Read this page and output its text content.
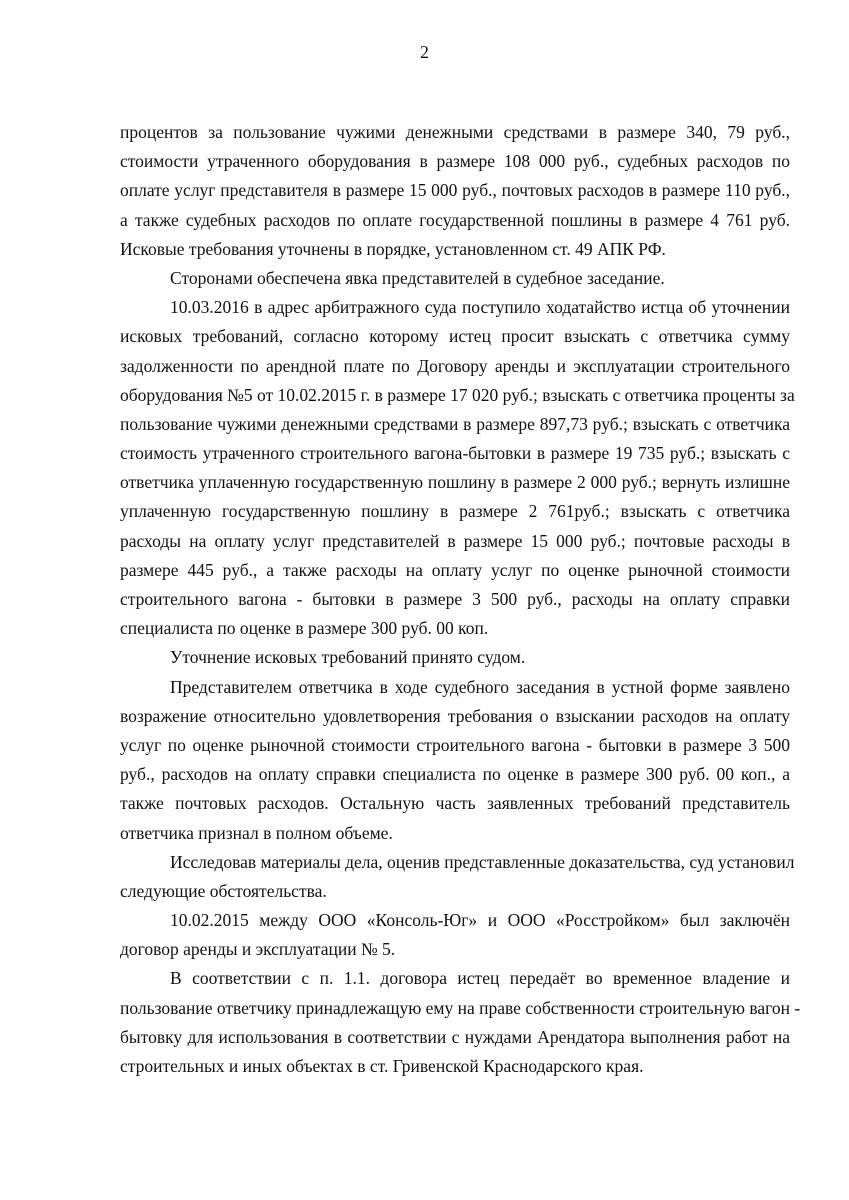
2
процентов за пользование чужими денежными средствами в размере 340, 79 руб.,
стоимости утраченного оборудования в размере 108 000 руб., судебных расходов по
оплате услуг представителя в размере 15 000 руб., почтовых расходов в размере 110 руб.,
а также судебных расходов по оплате государственной пошлины в размере 4 761 руб.
Исковые требования уточнены в порядке, установленном ст. 49 АПК РФ.
Сторонами обеспечена явка представителей в судебное заседание.
10.03.2016 в адрес арбитражного суда поступило ходатайство истца об уточнении
исковых требований, согласно которому истец просит взыскать с ответчика сумму
задолженности по арендной плате по Договору аренды и эксплуатации строительного
оборудования №5 от 10.02.2015 г. в размере 17 020 руб.; взыскать с ответчика проценты за
пользование чужими денежными средствами в размере 897,73 руб.; взыскать с ответчика
стоимость утраченного строительного вагона-бытовки в размере 19 735 руб.; взыскать с
ответчика уплаченную государственную пошлину в размере 2 000 руб.; вернуть излишне
уплаченную государственную пошлину в размере 2 761руб.; взыскать с ответчика
расходы на оплату услуг представителей в размере 15 000 руб.; почтовые расходы в
размере 445 руб., а также расходы на оплату услуг по оценке рыночной стоимости
строительного вагона - бытовки в размере 3 500 руб., расходы на оплату справки
специалиста по оценке в размере 300 руб. 00 коп.
Уточнение исковых требований принято судом.
Представителем ответчика в ходе судебного заседания в устной форме заявлено
возражение относительно удовлетворения требования о взыскании расходов на оплату
услуг по оценке рыночной стоимости строительного вагона - бытовки в размере 3 500
руб., расходов на оплату справки специалиста по оценке в размере 300 руб. 00 коп., а
также почтовых расходов. Остальную часть заявленных требований представитель
ответчика признал в полном объеме.
Исследовав материалы дела, оценив представленные доказательства, суд установил
следующие обстоятельства.
10.02.2015 между ООО «Консоль-Юг» и ООО «Росстройком» был заключён
договор аренды и эксплуатации № 5.
В соответствии с п. 1.1. договора истец передаёт во временное владение и
пользование ответчику принадлежащую ему на праве собственности строительную вагон -
бытовку для использования в соответствии с нуждами Арендатора выполнения работ на
строительных и иных объектах в ст. Гривенской Краснодарского края.
